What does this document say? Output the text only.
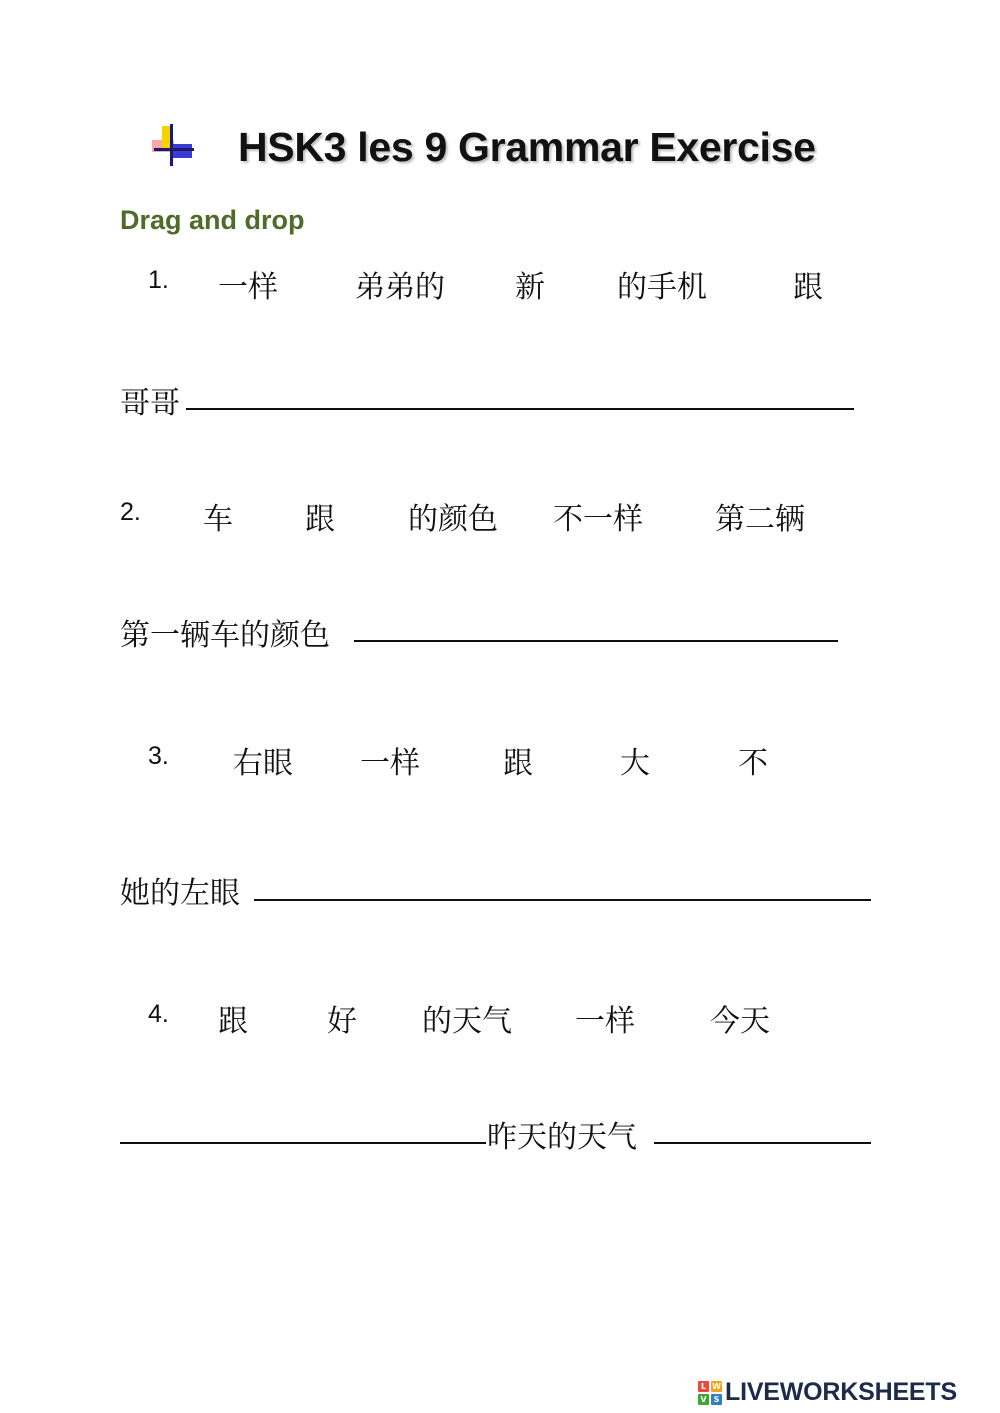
HSK3 les 9 Grammar Exercise
Drag and drop
1. 一样	弟弟的 新 的手机	跟
哥哥
2. 车 跟 的颜色 不一样 第二辆
第一辆车的颜色
3. 右眼 一样	跟	大	不
她的左眼
4. 跟	好 的天气 一样	今天
昨天的天气
L W
V S LIVEWORKSHEETS
